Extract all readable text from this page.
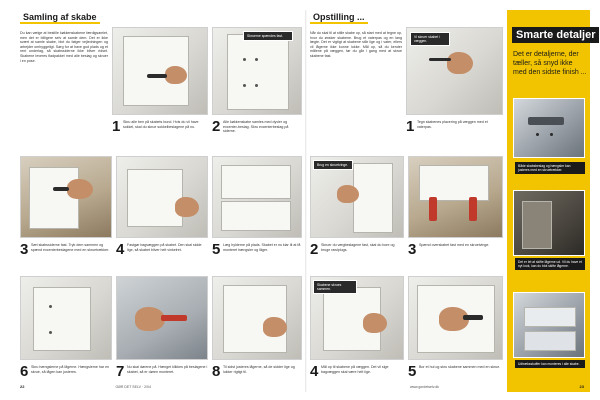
Samling af skabe
Du kan vælge at bestille køkkenskabene færdigsamlet, men det er billigere selv at samle dem. Det er ikke svært at samle skabe, blot du følger vejledningen og arbejder omhyggeligt. Sørg for at have god plads og et rent underlag, så skabssiderne ikke bliver ridset. Skabene leveres fladpakket med alle beslag og skruer i en pose.
1 Skru alle ben på skabets bund. Hvis du vil have sokkel, skal du skrue sokkelbeslagene på nu.
Skruerne spændes fast.
2 Alle køkkenskabe samles med dyvler og excenter-beslag. Skru excenterbeslag på siderne.
3 Sæt skabssiderne fast. Tryk dem sammen og spænd excenterbeslagene med en skruetrækker. 4 Fastgør bagvæggen på skabet. Den skal sidde lige, så skabet bliver helt vinkelret.	5 Læg hylderne på plads. Skabet er nu klar til at få monteret hængsler og låger.
6 Skru hængslerne på lågerne. Hængslerne har en skrue, så lågen kan justeres.	7 Nu skal dørene på. Hænget klikkes på beslagene i skabet, så er døren monteret.	8 Til sidst justeres lågerne, så de sidder lige og lukker rigtigt til.
22	GØR DET SELV · 2/04
Opstilling ...
Når du skal til at stille skabe op, så start med at tegne op, hvor du ønsker skabene. Brug et vaterpas og en lang lægte. Det er vigtigt at skabene står lige og i vater, ellers vil lågerne ikke kunne lukke. Mål op, så du kender målene på væggen, før du går i gang med at skrue skabene fast.
Vi skruer skabet i væggen.
1 Tegn skabenes placering på væggen med et vaterpas.
Brug en skruetvinge.
2 Skruer du vægbeslagene fast, skal du bore og bruge rawlplugs.	3 Spænd overskabet fast med en skruetvinge.
Skabene skrues sammen.
4 Mål op til skabene på væggen. Det vil sige bagvæggen skal være helt lige.	5 Bor et hul og skru skabene sammen med en skrue.
www.gordetselv.dk
Smarte detaljer
Det er detaljerne, der tæller, så snyd ikke med den sidste finish ...
Både skabsbeslag og hængsler kan justeres med en skruetrækker.
Det er let at skifte lågerne ud. Vil du have et nyt look, kan du blot skifte lågerne.
Udtræksskuffer kan monteres i alle skabe.
23
